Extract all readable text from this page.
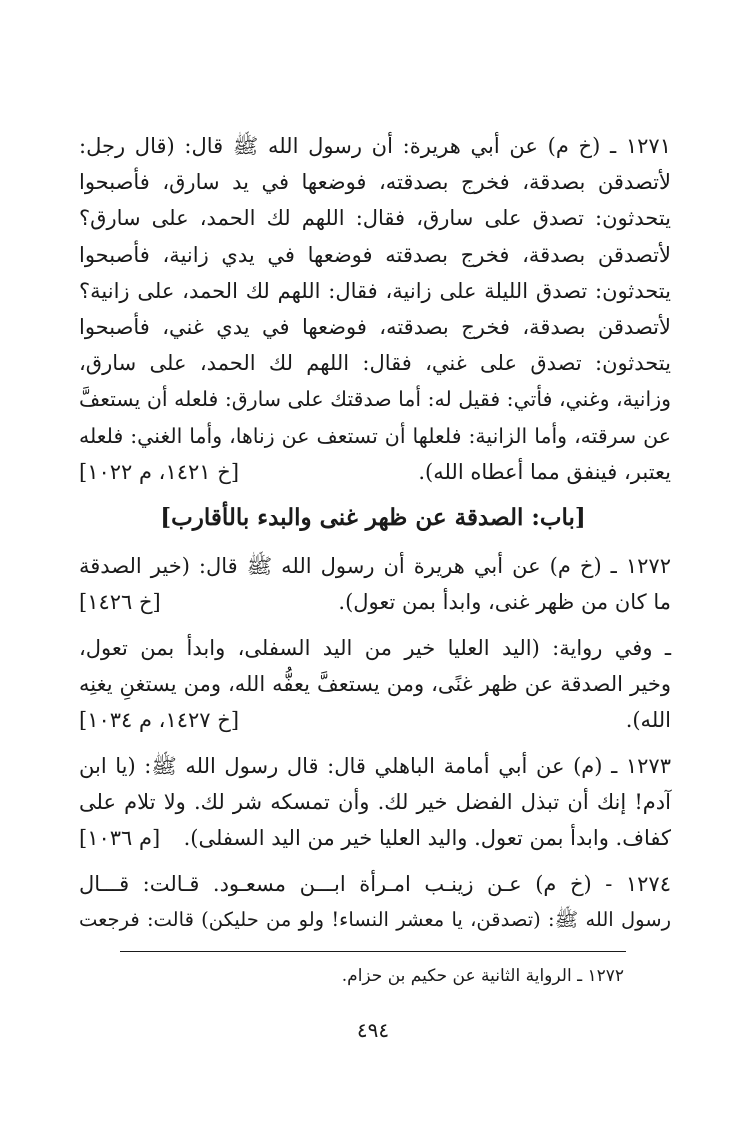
١٢٧١ ـ (خ م) عن أبي هريرة: أن رسول الله ﷺ قال: (قال رجل:
لأتصدقن بصدقة، فخرج بصدقته، فوضعها في يد سارق، فأصبحوا
يتحدثون: تصدق على سارق، فقال: اللهم لك الحمد، على سارق؟
لأتصدقن بصدقة، فخرج بصدقته فوضعها في يدي زانية، فأصبحوا
يتحدثون: تصدق الليلة على زانية، فقال: اللهم لك الحمد، على زانية؟
لأتصدقن بصدقة، فخرج بصدقته، فوضعها في يدي غني، فأصبحوا
يتحدثون: تصدق على غني، فقال: اللهم لك الحمد، على سارق،
وزانية، وغني، فأتي: فقيل له: أما صدقتك على سارق: فلعله أن يستعفَّ
عن سرقته، وأما الزانية: فلعلها أن تستعف عن زناها، وأما الغني: فلعله
يعتبر، فينفق مما أعطاه الله).
[خ ١٤٢١، م ١٠٢٢]
[باب: الصدقة عن ظهر غنى والبدء بالأقارب]
١٢٧٢ ـ (خ م) عن أبي هريرة أن رسول الله ﷺ قال: (خير الصدقة
ما كان من ظهر غنى، وابدأ بمن تعول).
[خ ١٤٢٦]
ـ وفي رواية: (اليد العليا خير من اليد السفلى، وابدأ بمن تعول،
وخير الصدقة عن ظهر غنًى، ومن يستعفَّ يعفُّه الله، ومن يستغنِ يغنِه
الله).
[خ ١٤٢٧، م ١٠٣٤]
١٢٧٣ ـ (م) عن أبي أمامة الباهلي قال: قال رسول الله ﷺ: (يا ابن
آدم! إنك أن تبذل الفضل خير لك. وأن تمسكه شر لك. ولا تلام على
كفاف. وابدأ بمن تعول. واليد العليا خير من اليد السفلى).
[م ١٠٣٦]
١٢٧٤ - (خ م) عـن زينـب امـرأة ابـــن مسعـود. قـالت: قـــال
رسول الله ﷺ: (تصدقن، يا معشر النساء! ولو من حليكن) قالت: فرجعت
١٢٧٢ ـ الرواية الثانية عن حكيم بن حزام.
٤٩٤
